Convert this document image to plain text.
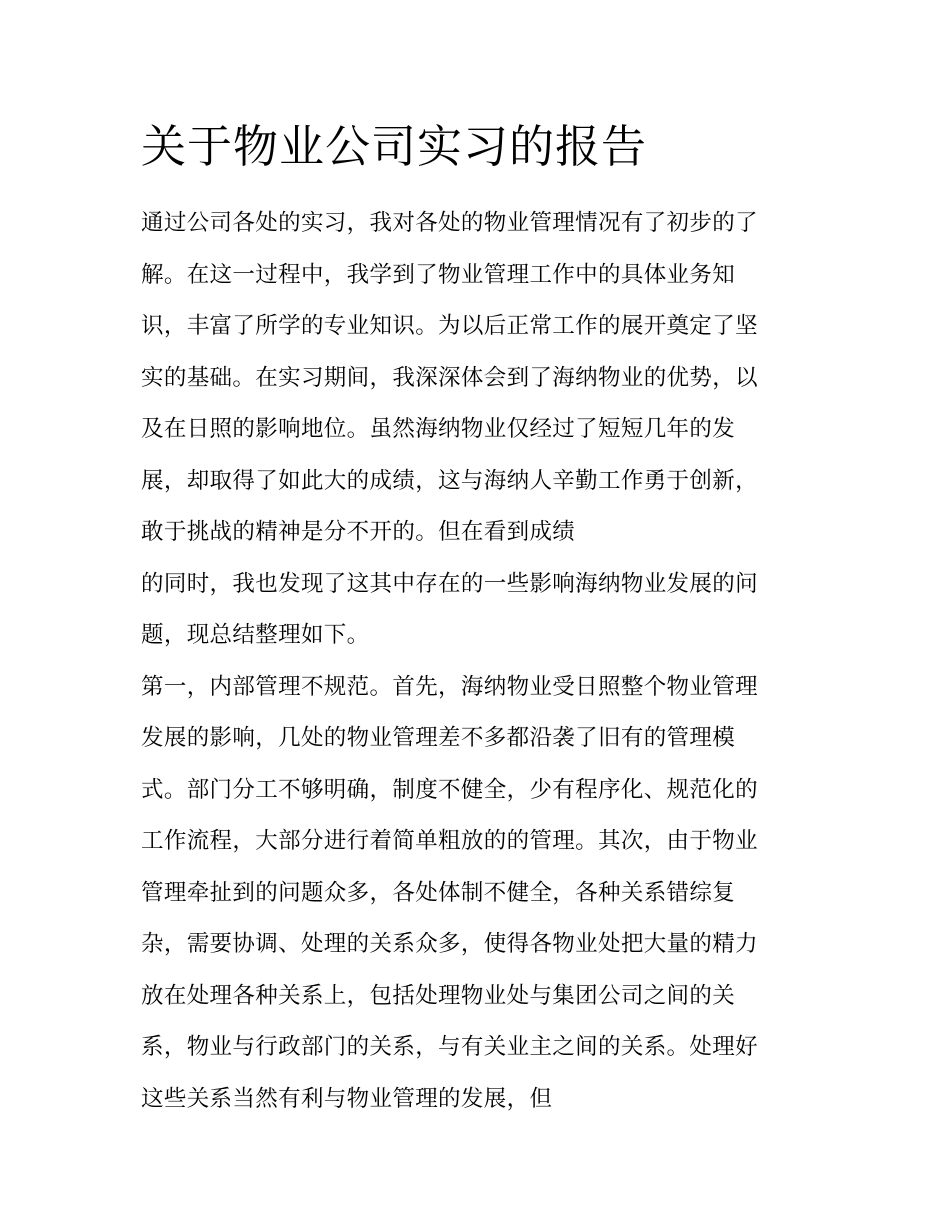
关于物业公司实习的报告

通过公司各处的实习，我对各处的物业管理情况有了初步的了

解。在这一过程中，我学到了物业管理工作中的具体业务知

识，丰富了所学的专业知识。为以后正常工作的展开奠定了坚

实的基础。在实习期间，我深深体会到了海纳物业的优势，以

及在日照的影响地位。虽然海纳物业仅经过了短短几年的发

展，却取得了如此大的成绩，这与海纳人辛勤工作勇于创新，

敢于挑战的精神是分不开的。但在看到成绩

的同时，我也发现了这其中存在的一些影响海纳物业发展的问

题，现总结整理如下。

第一，内部管理不规范。首先，海纳物业受日照整个物业管理

发展的影响，几处的物业管理差不多都沿袭了旧有的管理模

式。部门分工不够明确，制度不健全，少有程序化、规范化的

工作流程，大部分进行着简单粗放的的管理。其次，由于物业

管理牵扯到的问题众多，各处体制不健全，各种关系错综复

杂，需要协调、处理的关系众多，使得各物业处把大量的精力

放在处理各种关系上，包括处理物业处与集团公司之间的关

系，物业与行政部门的关系，与有关业主之间的关系。处理好

这些关系当然有利与物业管理的发展，但
